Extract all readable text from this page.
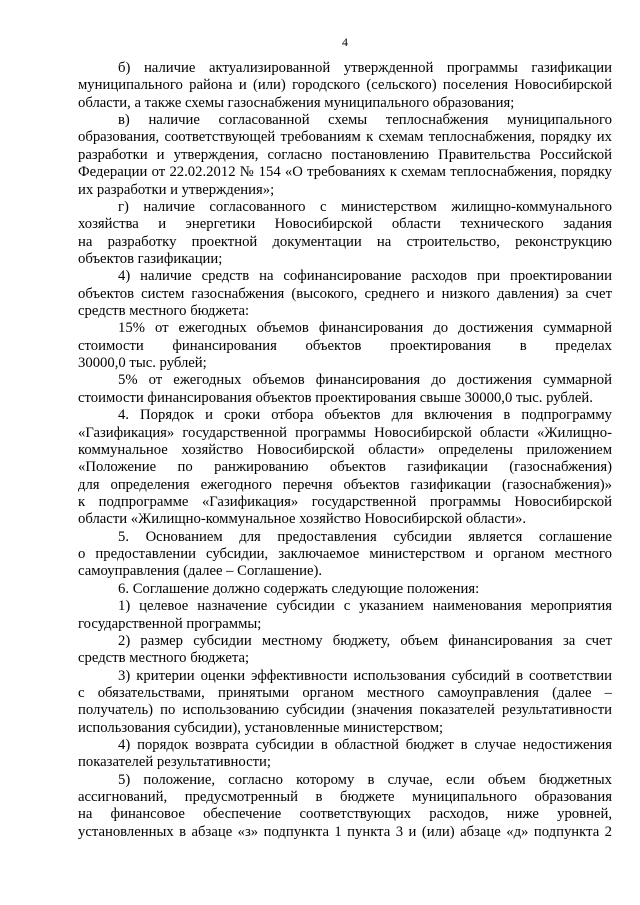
4

б) наличие актуализированной утвержденной программы газификации
муниципального района и (или) городского (сельского) поселения Новосибирской
области, а также схемы газоснабжения муниципального образования;

в) наличие согласованной схемы теплоснабжения муниципального
образования, соответствующей требованиям к схемам теплоснабжения, порядку их
разработки и утверждения, согласно постановлению Правительства Российской
Федерации от 22.02.2012 № 154 «О требованиях к схемам теплоснабжения, порядку
их разработки и утверждения»;

г) наличие согласованного с министерством жилищно-коммунального
хозяйства и энергетики Новосибирской области технического задания
на разработку проектной документации на строительство, реконструкцию
объектов газификации;

4) наличие средств на софинансирование расходов при проектировании
объектов систем газоснабжения (высокого, среднего и низкого давления) за счет
средств местного бюджета:

15% от ежегодных объемов финансирования до достижения суммарной
стоимости финансирования объектов проектирования в пределах
30000,0 тыс. рублей;

5% от ежегодных объемов финансирования до достижения суммарной
стоимости финансирования объектов проектирования свыше 30000,0 тыс. рублей.

4. Порядок и сроки отбора объектов для включения в подпрограмму
«Газификация» государственной программы Новосибирской области «Жилищно-
коммунальное хозяйство Новосибирской области» определены приложением
«Положение по ранжированию объектов газификации (газоснабжения)
для определения ежегодного перечня объектов газификации (газоснабжения)»
к подпрограмме «Газификация» государственной программы Новосибирской
области «Жилищно-коммунальное хозяйство Новосибирской области».

5. Основанием для предоставления субсидии является соглашение
о предоставлении субсидии, заключаемое министерством и органом местного
самоуправления (далее – Соглашение).

6. Соглашение должно содержать следующие положения:

1) целевое назначение субсидии с указанием наименования мероприятия
государственной программы;

2) размер субсидии местному бюджету, объем финансирования за счет
средств местного бюджета;

3) критерии оценки эффективности использования субсидий в соответствии
с обязательствами, принятыми органом местного самоуправления (далее –
получатель) по использованию субсидии (значения показателей результативности
использования субсидии), установленные министерством;

4) порядок возврата субсидии в областной бюджет в случае недостижения
показателей результативности;

5) положение, согласно которому в случае, если объем бюджетных
ассигнований, предусмотренный в бюджете муниципального образования
на финансовое обеспечение соответствующих расходов, ниже уровней,
установленных в абзаце «з» подпункта 1 пункта 3 и (или) абзаце «д» подпункта 2
